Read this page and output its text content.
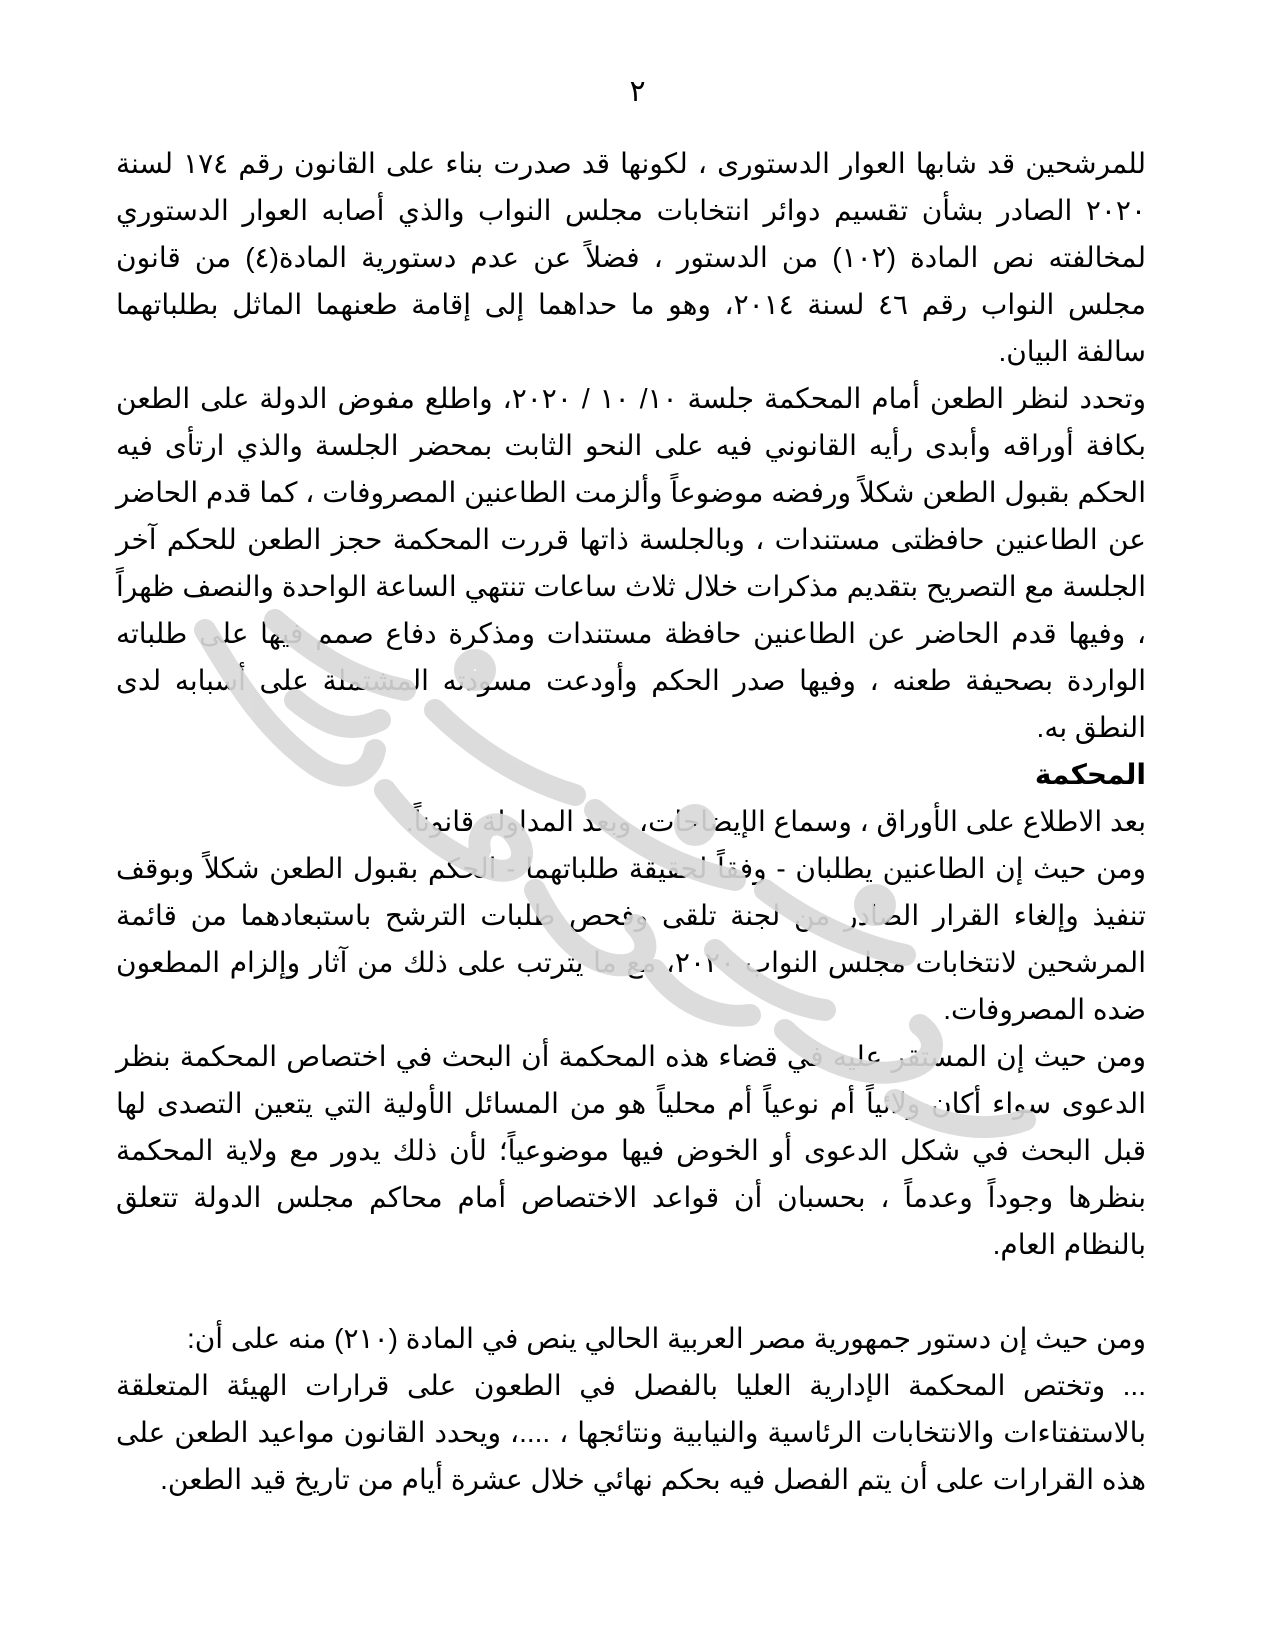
٢

للمرشحين قد شابها العوار الدستورى ، لكونها قد صدرت بناء على القانون رقم ١٧٤ لسنة ٢٠٢٠ الصادر بشأن تقسيم دوائر انتخابات مجلس النواب والذي أصابه العوار الدستوري لمخالفته نص المادة (١٠٢) من الدستور ، فضلاً عن عدم دستورية المادة(٤) من قانون مجلس النواب رقم ٤٦ لسنة ٢٠١٤، وهو ما حداهما إلى إقامة طعنهما الماثل بطلباتهما سالفة البيان.

وتحدد لنظر الطعن أمام المحكمة جلسة ١٠/ ١٠ / ٢٠٢٠، واطلع مفوض الدولة على الطعن بكافة أوراقه وأبدى رأيه القانوني فيه على النحو الثابت بمحضر الجلسة والذي ارتأى فيه الحكم بقبول الطعن شكلاً ورفضه موضوعاً وألزمت الطاعنين المصروفات ، كما قدم الحاضر عن الطاعنين حافظتى مستندات ، وبالجلسة ذاتها قررت المحكمة حجز الطعن للحكم آخر الجلسة مع التصريح بتقديم مذكرات خلال ثلاث ساعات تنتهي الساعة الواحدة والنصف ظهراً ، وفيها قدم الحاضر عن الطاعنين حافظة مستندات ومذكرة دفاع صمم فيها على طلباته الواردة بصحيفة طعنه ، وفيها صدر الحكم وأودعت مسودته المشتملة على أسبابه لدى النطق به.

المحكمة

بعد الاطلاع على الأوراق ، وسماع الإيضاحات، وبعد المداولة قانوناً.

ومن حيث إن الطاعنين يطلبان - وفقاً لحقيقة طلباتهما - الحكم بقبول الطعن شكلاً وبوقف تنفيذ وإلغاء القرار الصادر من لجنة تلقى وفحص طلبات الترشح باستبعادهما من قائمة المرشحين لانتخابات مجلس النواب ٢٠٢٠، مع ما يترتب على ذلك من آثار وإلزام المطعون ضده المصروفات.

ومن حيث إن المستقر عليه في قضاء هذه المحكمة أن البحث في اختصاص المحكمة بنظر الدعوى سواء أكان ولائياً أم نوعياً أم محلياً هو من المسائل الأولية التي يتعين التصدى لها قبل البحث في شكل الدعوى أو الخوض فيها موضوعياً؛ لأن ذلك يدور مع ولاية المحكمة بنظرها وجوداً وعدماً ، بحسبان أن قواعد الاختصاص أمام محاكم مجلس الدولة تتعلق بالنظام العام.

ومن حيث إن دستور جمهورية مصر العربية الحالي ينص في المادة (٢١٠) منه على أن:

... وتختص المحكمة الإدارية العليا بالفصل في الطعون على قرارات الهيئة المتعلقة بالاستفتاءات والانتخابات الرئاسية والنيابية ونتائجها ، ....، ويحدد القانون مواعيد الطعن على هذه القرارات على أن يتم الفصل فيه بحكم نهائي خلال عشرة أيام من تاريخ قيد الطعن.
